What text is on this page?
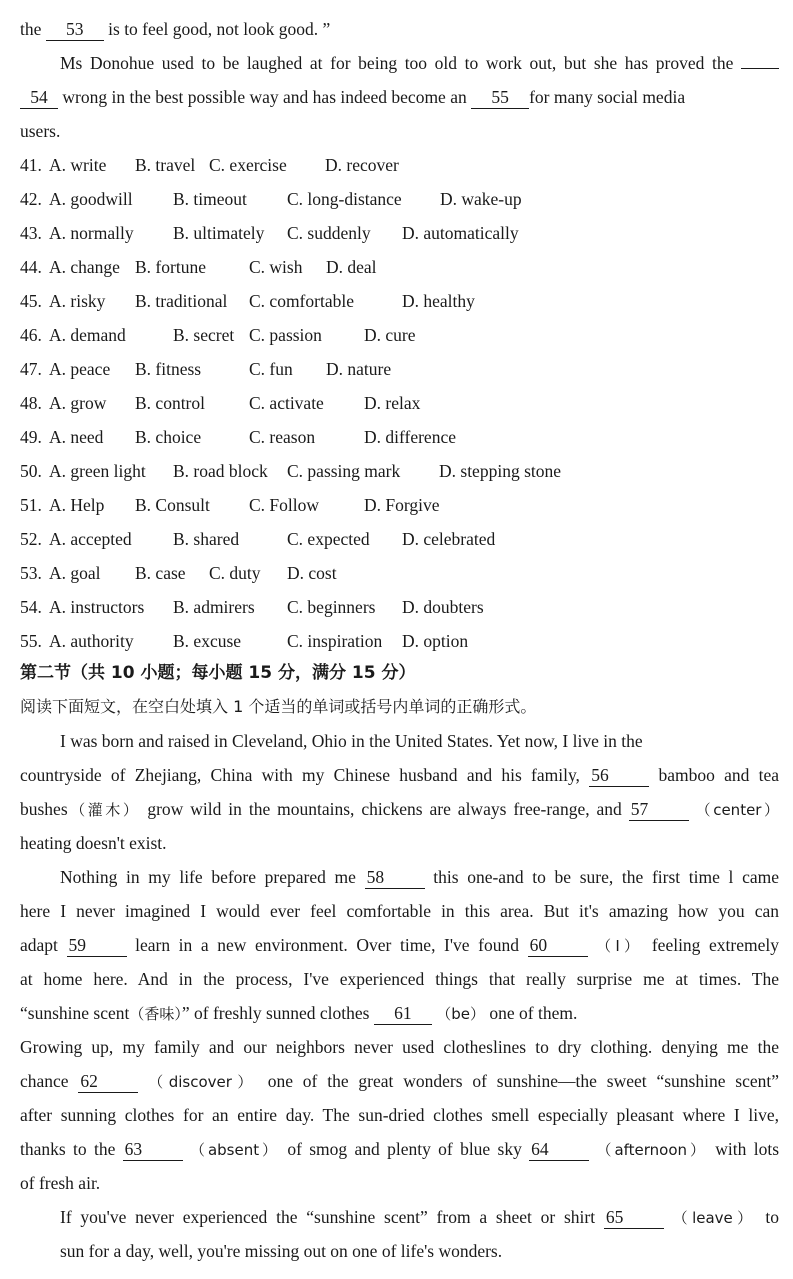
the 53 is to feel good, not look good. ”
Ms Donohue used to be laughed at for being too old to work out, but she has proved the
54 wrong in the best possible way and has indeed become an 55 for many social media
users.
41. A. write B. travel C. exercise D. recover
42. A. goodwill B. timeout C. long-distance D. wake-up
43. A. normally B. ultimately C. suddenly D. automatically
44. A. change B. fortune C. wish D. deal
45. A. risky B. traditional C. comfortable	D. healthy
46. A. demand	B. secret C. passion D. cure
47. A. peace B. fitness	C. fun D. nature
48. A. grow B. control	C. activate D. relax
49. A. need B. choice	C. reason	D. difference
50. A. green light B. road block C. passing mark D. stepping stone
51. A. Help B. Consult C. Follow	D. Forgive
52. A. accepted B. shared	C. expected D. celebrated
53. A. goal B. case C. duty D. cost
54. A. instructors B. admirers C. beginners D. doubters
55. A. authority B. excuse	C. inspiration D. option
第二节（共 10 小题；每小题 15 分，满分 15 分）
阅读下面短文，在空白处填入 1 个适当的单词或括号内单词的正确形式。
I was born and raised in Cleveland, Ohio in the United States. Yet now, I live in the
countryside of Zhejiang, China with my Chinese husband and his family, 56	bamboo and tea
bushes（灌木） grow wild in the mountains, chickens are always free-range, and 57	（center）
heating doesn't exist.
Nothing in my life before prepared me 58	this one-and to be sure, the first time l came
here I never imagined I would ever feel comfortable in this area. But it's amazing how you can
adapt 59	learn in a new environment. Over time, I've found 60	（I） feeling extremely
at home here. And in the process, I've experienced things that really surprise me at times. The
“sunshine scent（香味）” of freshly sunned clothes 61 （be） one of them.
Growing up, my family and our neighbors never used clotheslines to dry clothing. denying me the
chance 62	（discover） one of the great wonders of sunshine—the sweet “sunshine scent”
after sunning clothes for an entire day. The sun-dried clothes smell especially pleasant where I live,
thanks to the 63	（absent） of smog and plenty of blue sky 64	（afternoon） with lots
of fresh air.
If you've never experienced the “sunshine scent” from a sheet or shirt 65	（leave） to
sun for a day, well, you're missing out on one of life's wonders.
